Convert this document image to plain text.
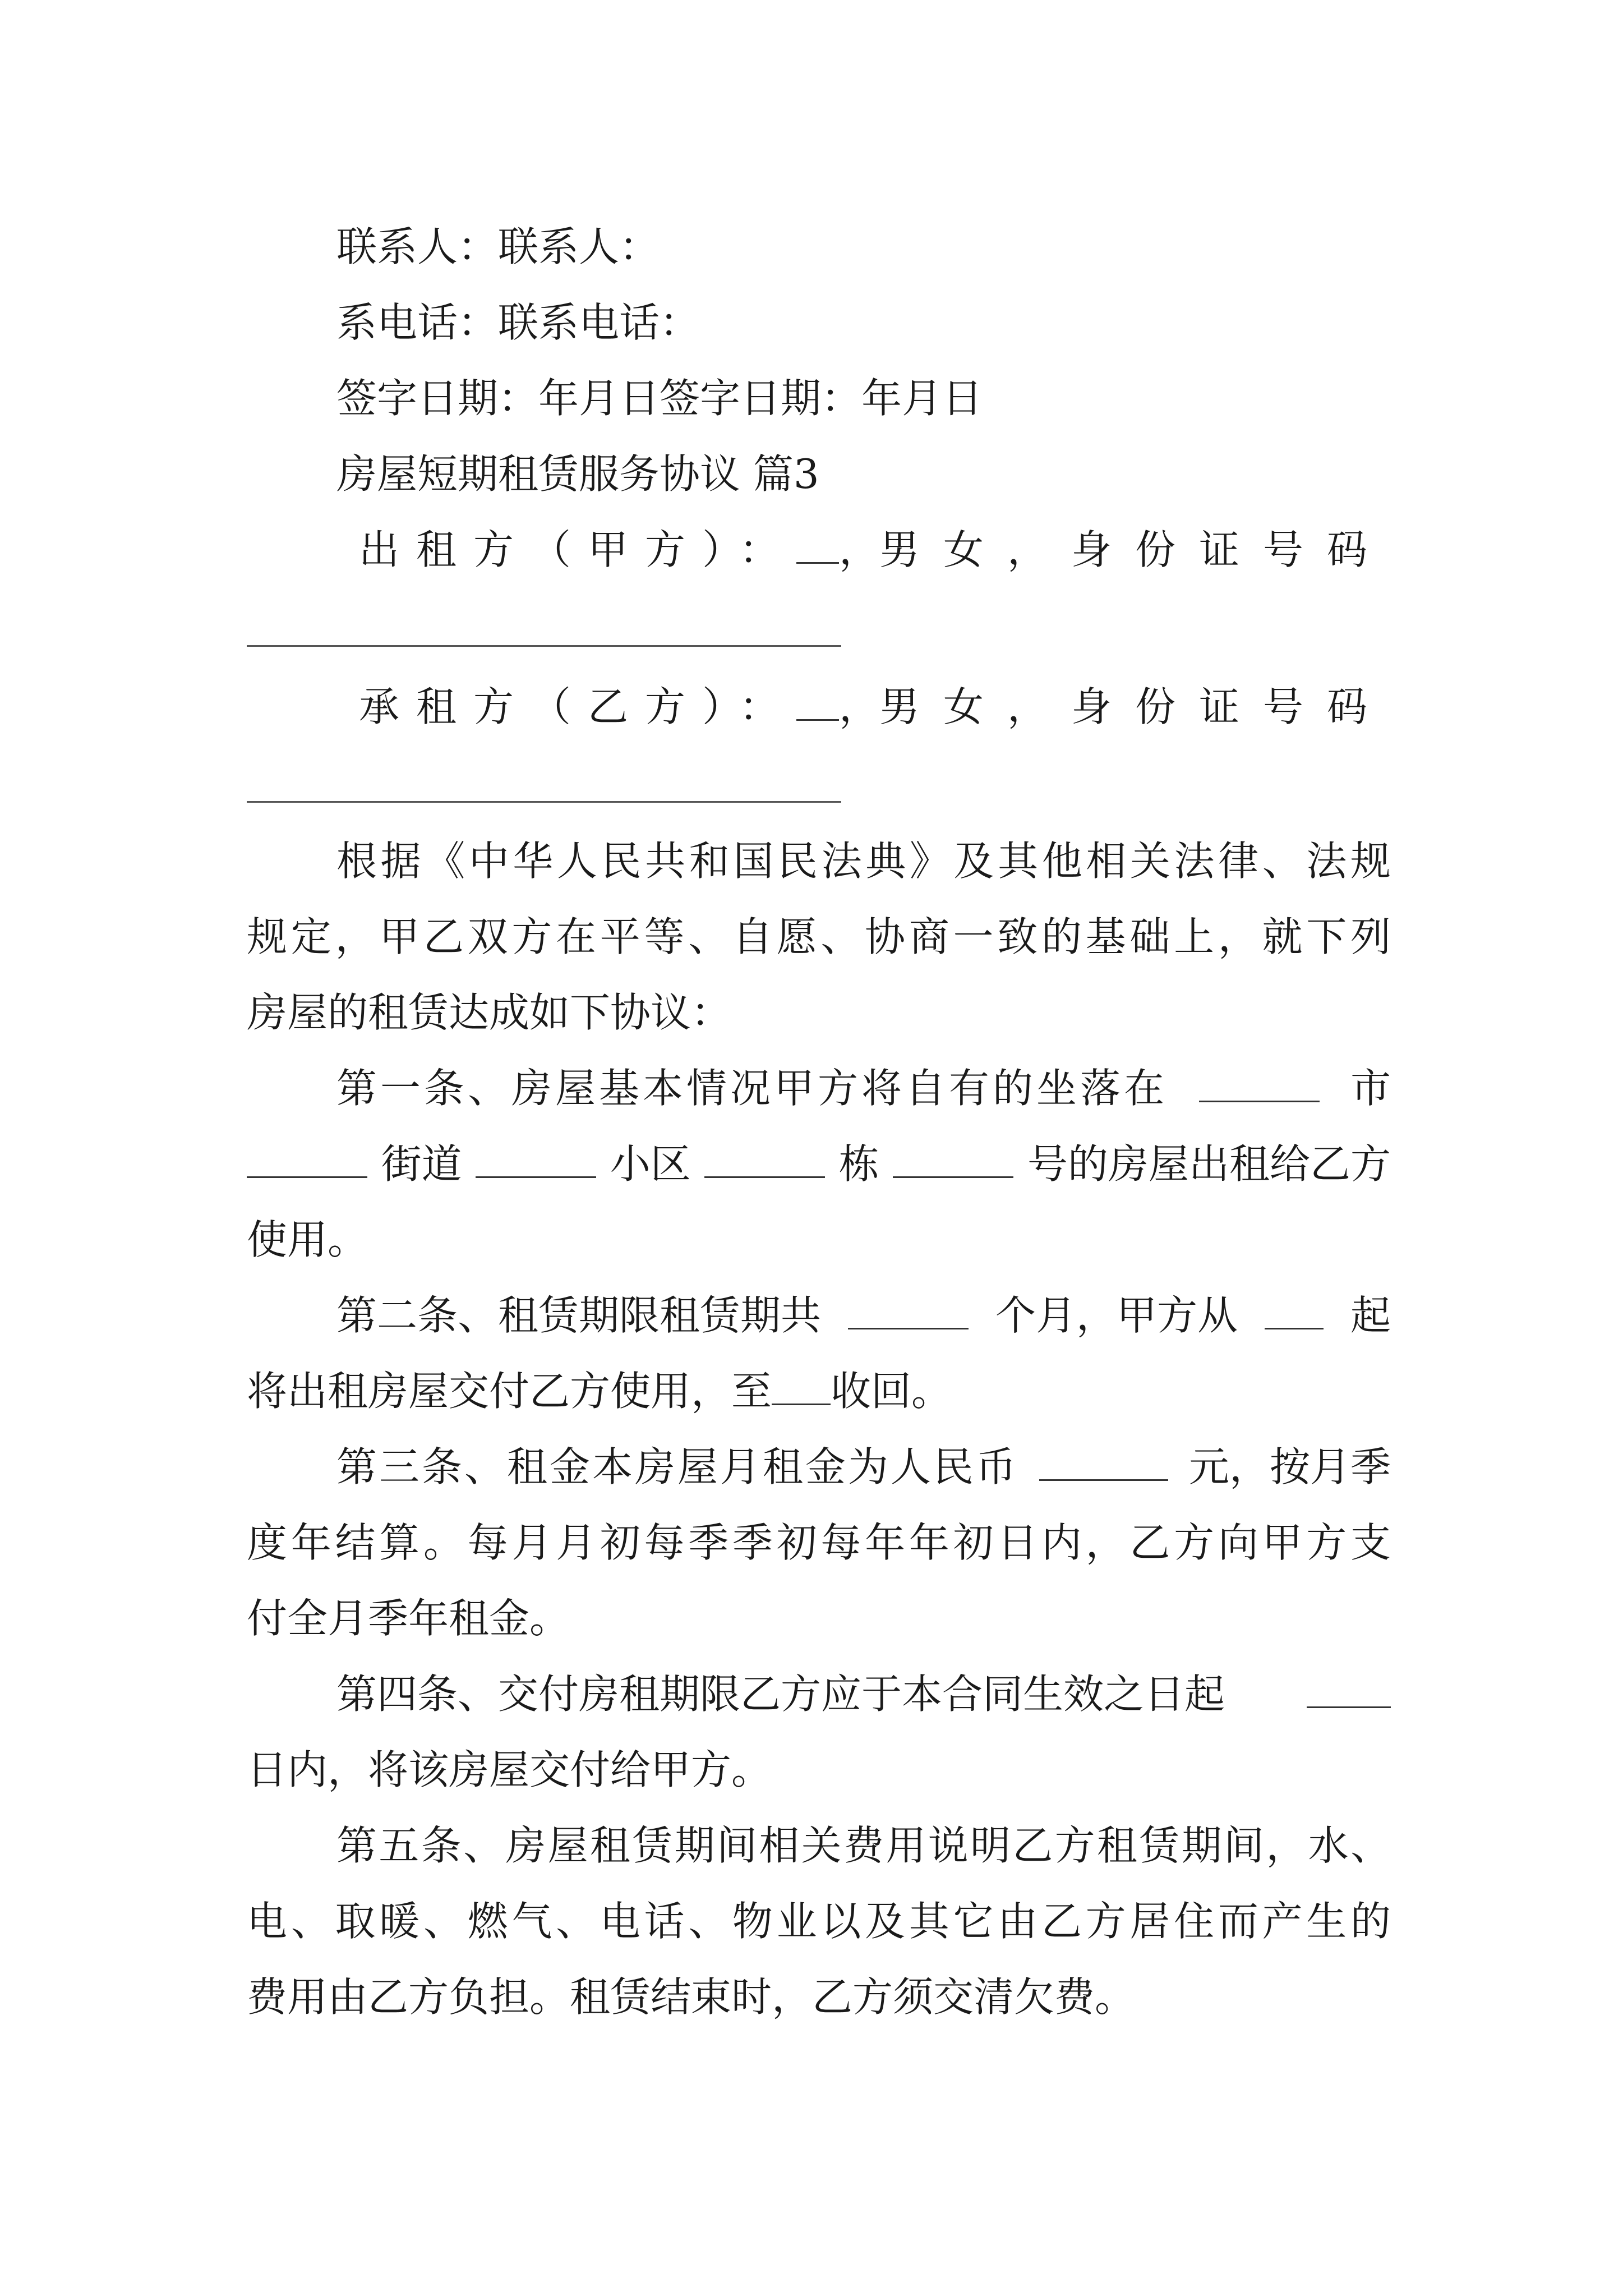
联系人：联系人：

系电话：联系电话：

签字日期：年月日签字日期：年月日

房屋短期租赁服务协议 篇3

出租方（甲方）： ， 男女，身份证号码
承租方（乙方）： ， 男女，身份证号码

根据《中华人民共和国民法典》及其他相关法律、法规

规定，甲乙双方在平等、自愿、协商一致的基础上，就下列

房屋的租赁达成如下协议：

第一条、房屋基本情况甲方将自有的坐落在	市
街道	小区	栋	号的房屋出租给乙方

使用。

第二条、租赁期限租赁期共	个月，甲方从	起
将出租房屋交付乙方使用，至 收回。
第三条、租金本房屋月租金为人民币	元，按月季

度年结算。每月月初每季季初每年年初日内，乙方向甲方支

付全月季年租金。

第四条、交付房租期限乙方应于本合同生效之日起

日内，将该房屋交付给甲方。

第五条、房屋租赁期间相关费用说明乙方租赁期间，水、

电、取暖、燃气、电话、物业以及其它由乙方居住而产生的

费用由乙方负担。租赁结束时，乙方须交清欠费。
